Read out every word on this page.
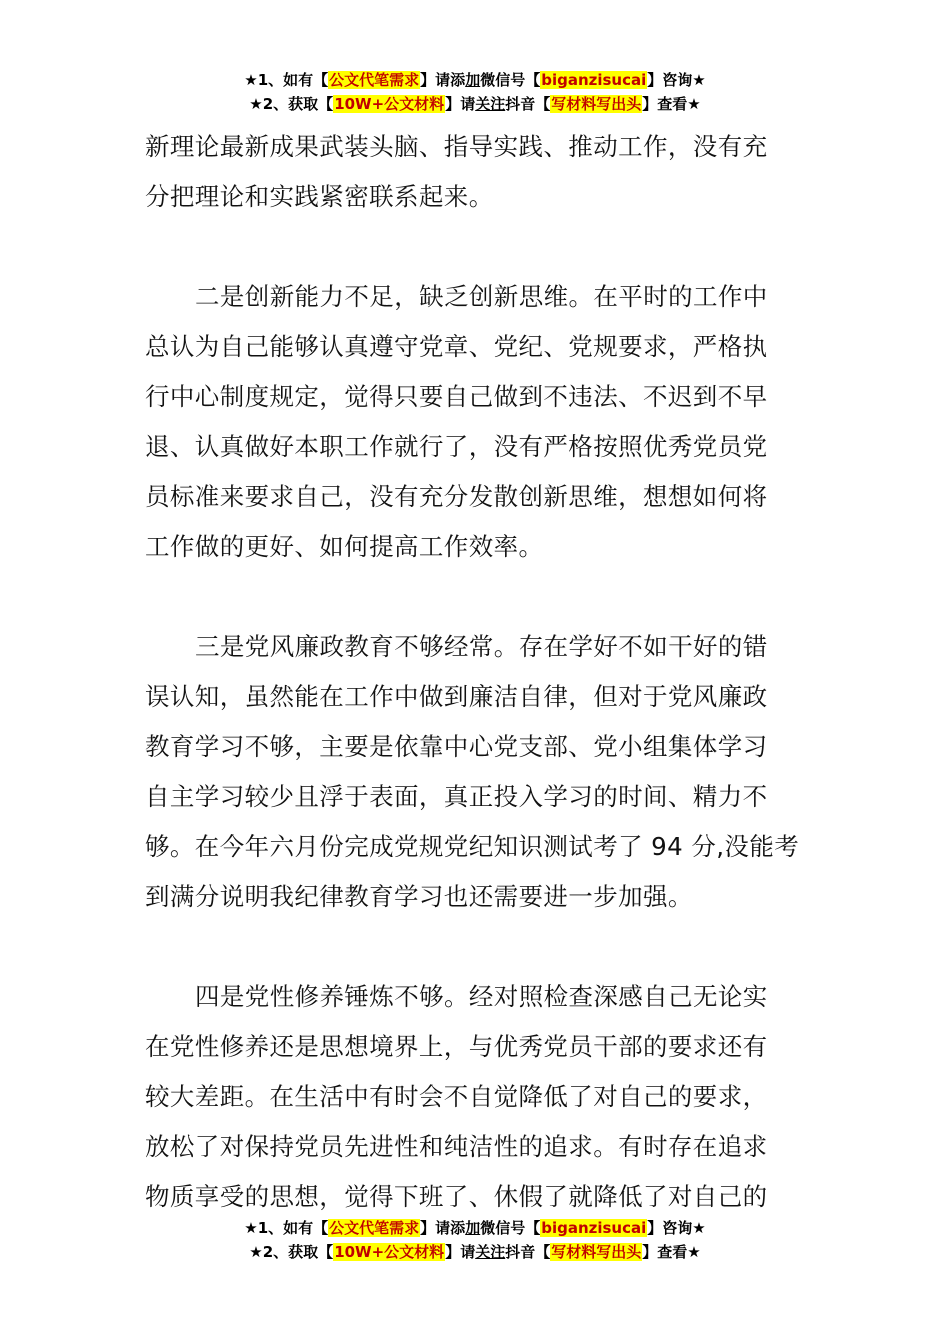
★1、如有【公文代笔需求】请添加微信号【biganzisucai】咨询★
★2、获取【10W+公文材料】请关注抖音【写材料写出头】查看★
新理论最新成果武装头脑、指导实践、推动工作，没有充
分把理论和实践紧密联系起来。
二是创新能力不足，缺乏创新思维。在平时的工作中
总认为自己能够认真遵守党章、党纪、党规要求，严格执
行中心制度规定，觉得只要自己做到不违法、不迟到不早
退、认真做好本职工作就行了，没有严格按照优秀党员党
员标准来要求自己，没有充分发散创新思维，想想如何将
工作做的更好、如何提高工作效率。
三是党风廉政教育不够经常。存在学好不如干好的错
误认知，虽然能在工作中做到廉洁自律，但对于党风廉政
教育学习不够，主要是依靠中心党支部、党小组集体学习
自主学习较少且浮于表面，真正投入学习的时间、精力不
够。在今年六月份完成党规党纪知识测试考了 94 分,没能考
到满分说明我纪律教育学习也还需要进一步加强。
四是党性修养锤炼不够。经对照检查深感自己无论实
在党性修养还是思想境界上，与优秀党员干部的要求还有
较大差距。在生活中有时会不自觉降低了对自己的要求，
放松了对保持党员先进性和纯洁性的追求。有时存在追求
物质享受的思想，觉得下班了、休假了就降低了对自己的
★1、如有【公文代笔需求】请添加微信号【biganzisucai】咨询★
★2、获取【10W+公文材料】请关注抖音【写材料写出头】查看★
